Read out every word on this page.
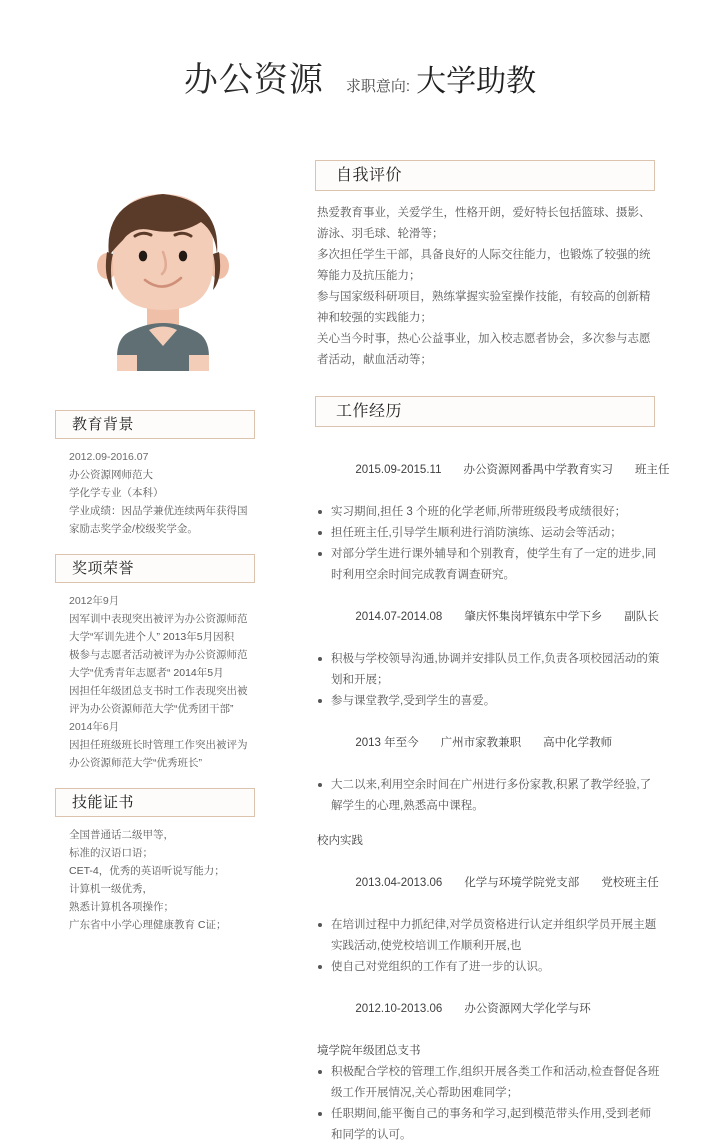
办公资源 求职意向: 大学助教
教育背景
2012.09-2016.07
办公资源网师范大
学化学专业（本科）
学业成绩：因品学兼优连续两年获得国
家励志奖学金/校级奖学金。
奖项荣誉
2012年9月
因军训中表现突出被评为办公资源师范
大学“军训先进个人” 2013年5月因积
极参与志愿者活动被评为办公资源师范
大学“优秀青年志愿者“ 2014年5月
因担任年级团总支书时工作表现突出被
评为办公资源师范大学“优秀团干部”
2014年6月
因担任班级班长时管理工作突出被评为
办公资源师范大学“优秀班长”
技能证书
全国普通话二级甲等，
标准的汉语口语；
CET-4，优秀的英语听说写能力；
计算机一级优秀，
熟悉计算机各项操作；
广东省中小学心理健康教育 C证；
自我评价
热爱教育事业，关爱学生，性格开朗，爱好特长包括篮球、摄影、游泳、羽毛球、轮滑等；
多次担任学生干部，具备良好的人际交往能力，也锻炼了较强的统筹能力及抗压能力；
参与国家级科研项目，熟练掌握实验室操作技能，有较高的创新精神和较强的实践能力；
关心当今时事，热心公益事业，加入校志愿者协会，多次参与志愿者活动，献血活动等；
工作经历

2015.09-2015.11 办公资源网番禺中学教育实习 班主任

实习期间,担任 3 个班的化学老师,所带班级段考成绩很好；
担任班主任,引导学生顺利进行消防演练、运动会等活动；
对部分学生进行课外辅导和个别教育，使学生有了一定的进步,同时利用空余时间完成教育调查研究。

2014.07-2014.08 肇庆怀集岗坪镇东中学下乡 副队长

积极与学校领导沟通,协调并安排队员工作,负责各项校园活动的策划和开展；
参与课堂教学,受到学生的喜爱。

2013 年至今 广州市家教兼职 高中化学教师

大二以来,利用空余时间在广州进行多份家教,积累了教学经验,了解学生的心理,熟悉高中课程。
校内实践

2013.04-2013.06 化学与环境学院党支部 党校班主任

在培训过程中力抓纪律,对学员资格进行认定并组织学员开展主题实践活动,使党校培训工作顺利开展,也
使自己对党组织的工作有了进一步的认识。

2012.10-2013.06 办公资源网大学化学与环

境学院年级团总支书
积极配合学校的管理工作,组织开展各类工作和活动,检查督促各班级工作开展情况,关心帮助困难同学；
任职期间,能平衡自己的事务和学习,起到模范带头作用,受到老师和同学的认可。
